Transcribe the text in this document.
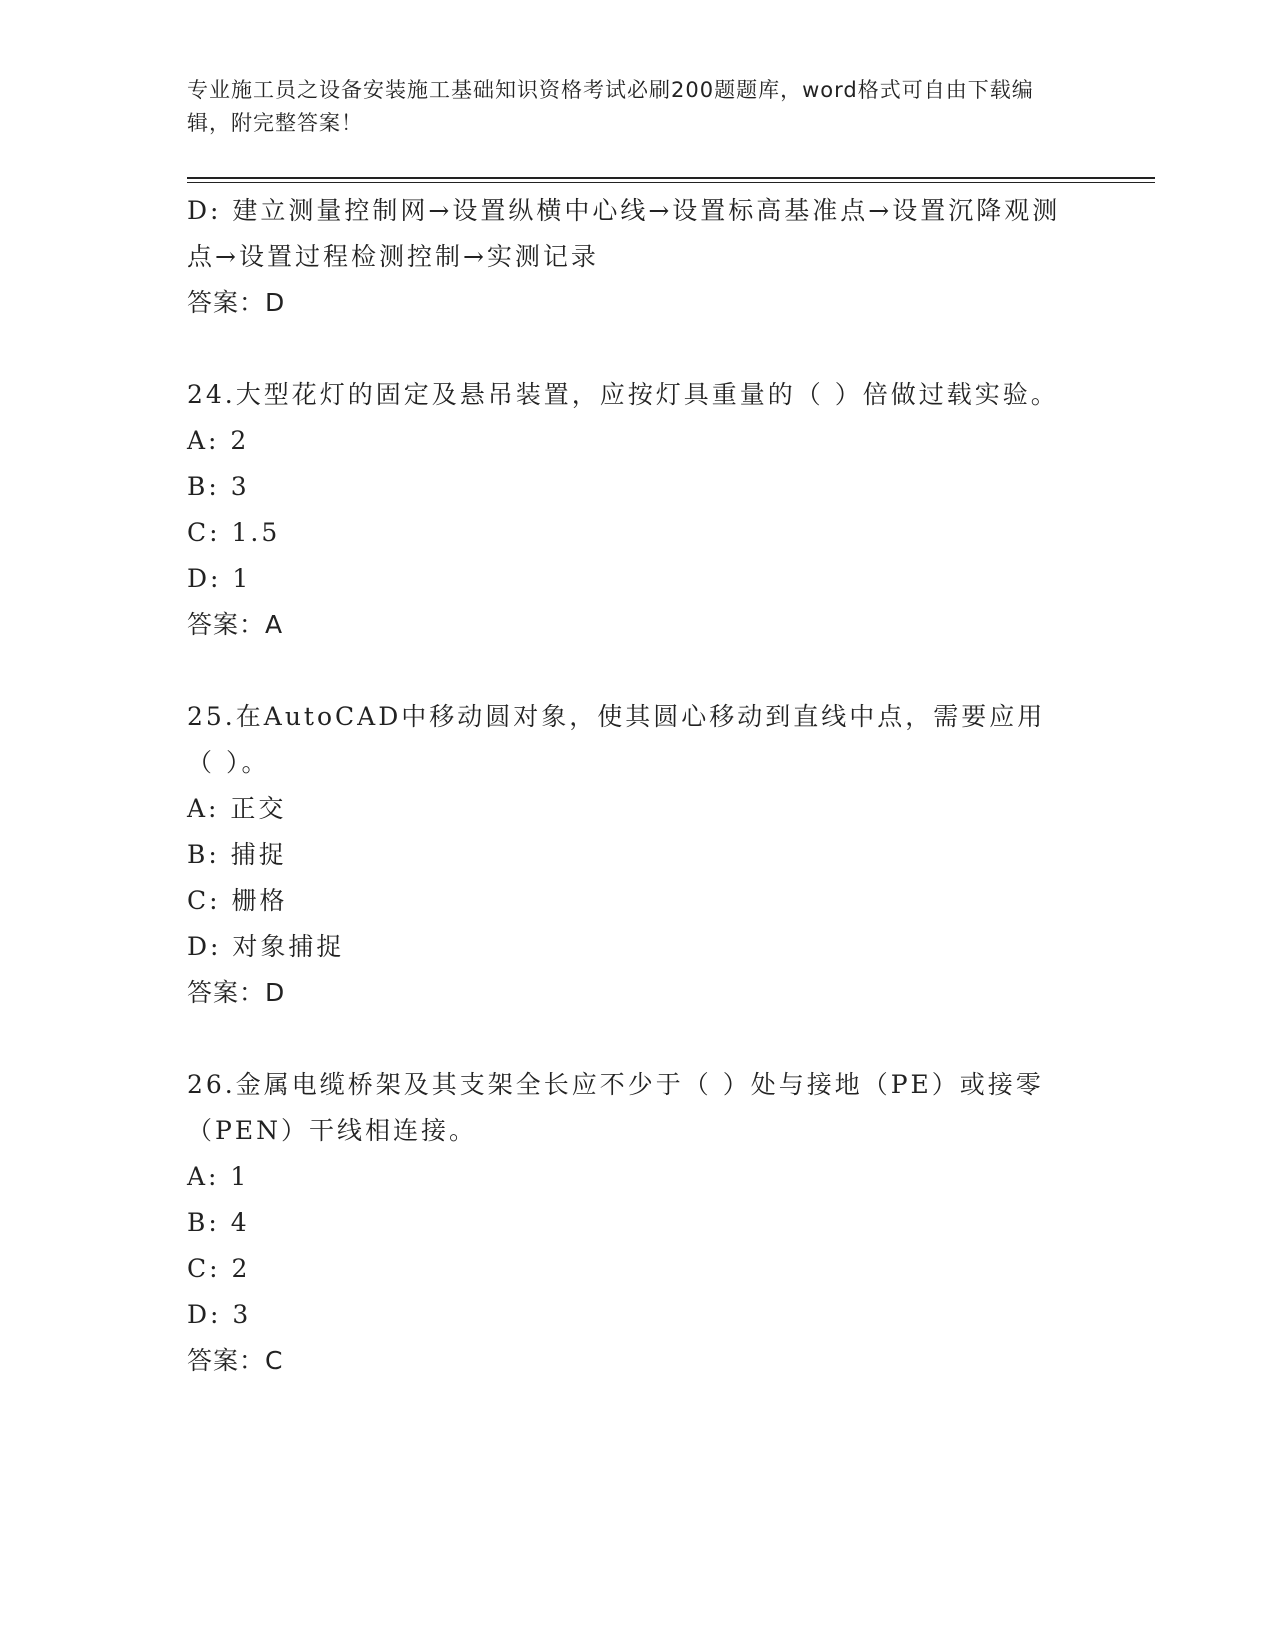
专业施工员之设备安装施工基础知识资格考试必刷200题题库，word格式可自由下载编辑，附完整答案！
D: 建立测量控制网→设置纵横中心线→设置标高基准点→设置沉降观测点→设置过程检测控制→实测记录
答案：D
24.大型花灯的固定及悬吊装置，应按灯具重量的（ ）倍做过载实验。
A: 2
B: 3
C: 1.5
D: 1
答案：A
25.在AutoCAD中移动圆对象，使其圆心移动到直线中点，需要应用（ ）。
A: 正交
B: 捕捉
C: 栅格
D: 对象捕捉
答案：D
26.金属电缆桥架及其支架全长应不少于（ ）处与接地（PE）或接零（PEN）干线相连接。
A: 1
B: 4
C: 2
D: 3
答案：C
